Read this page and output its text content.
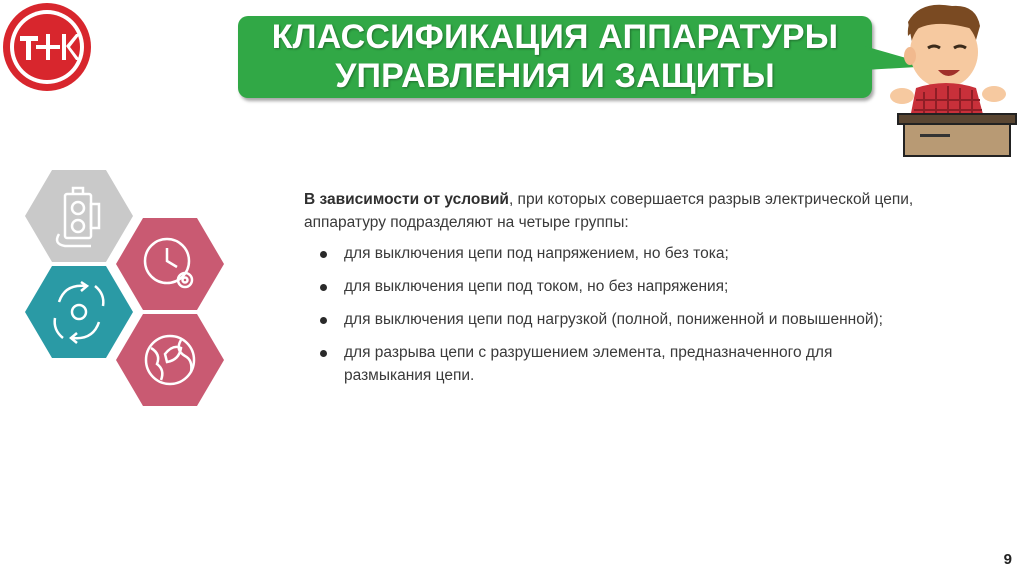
КЛАССИФИКАЦИЯ АППАРАТУРЫ
УПРАВЛЕНИЯ И ЗАЩИТЫ
В зависимости от условий, при которых совершается разрыв электрической цепи, аппаратуру подразделяют на четыре группы:
для выключения цепи под напряжением, но без тока;
для выключения цепи под током, но без напряжения;
для выключения цепи под нагрузкой (полной, пониженной и повышенной);
для разрыва цепи с разрушением элемента, предназначенного для размыкания цепи.
9
